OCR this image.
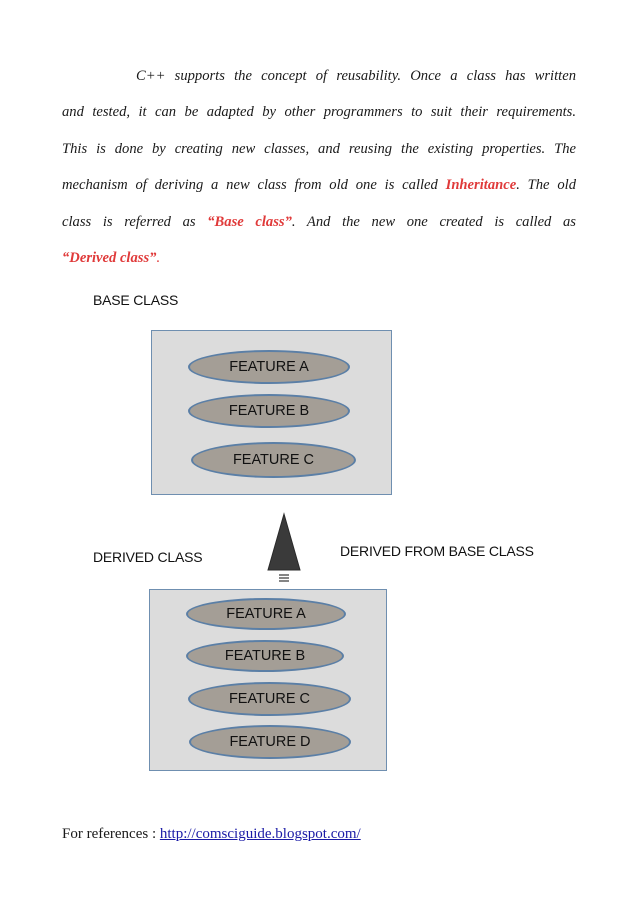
C++ supports the concept of reusability. Once a class has written
and tested, it can be adapted by other programmers to suit their requirements.
This is done by creating new classes, and reusing the existing properties. The
mechanism of deriving a new class from old one is called Inheritance. The old
class is referred as “Base class”. And the new one created is called as
“Derived class”.
BASE CLASS
FEATURE A
FEATURE B
FEATURE C
DERIVED CLASS	DERIVED FROM BASE CLASS
FEATURE A
FEATURE B
FEATURE C
FEATURE D
For references : http://comsciguide.blogspot.com/
